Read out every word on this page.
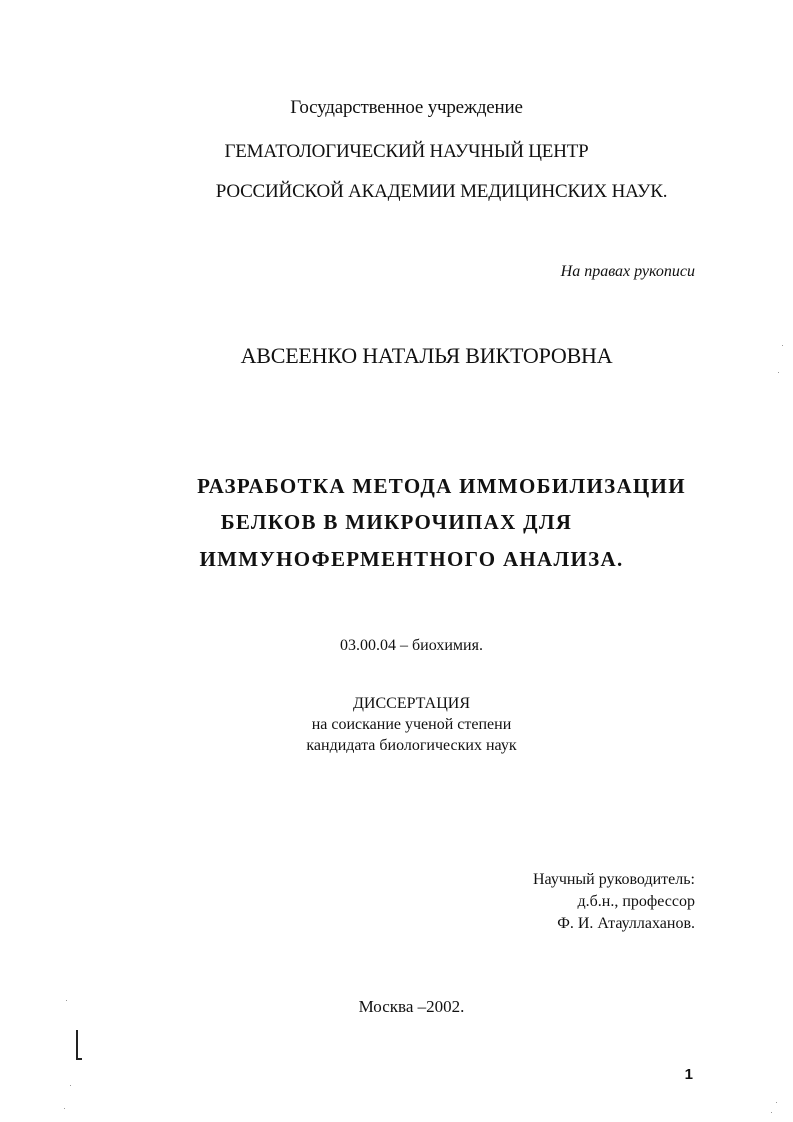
Государственное учреждение
ГЕМАТОЛОГИЧЕСКИЙ НАУЧНЫЙ ЦЕНТР
РОССИЙСКОЙ АКАДЕМИИ МЕДИЦИНСКИХ НАУК.
На правах рукописи
АВСЕЕНКО НАТАЛЬЯ ВИКТОРОВНА
РАЗРАБОТКА МЕТОДА ИММОБИЛИЗАЦИИ
БЕЛКОВ В МИКРОЧИПАХ ДЛЯ
ИММУНОФЕРМЕНТНОГО АНАЛИЗА.
03.00.04 – биохимия.
ДИССЕРТАЦИЯ
на соискание ученой степени
кандидата биологических наук
Научный руководитель:
д.б.н., профессор
Ф. И. Атауллаханов.
Москва –2002.
1
